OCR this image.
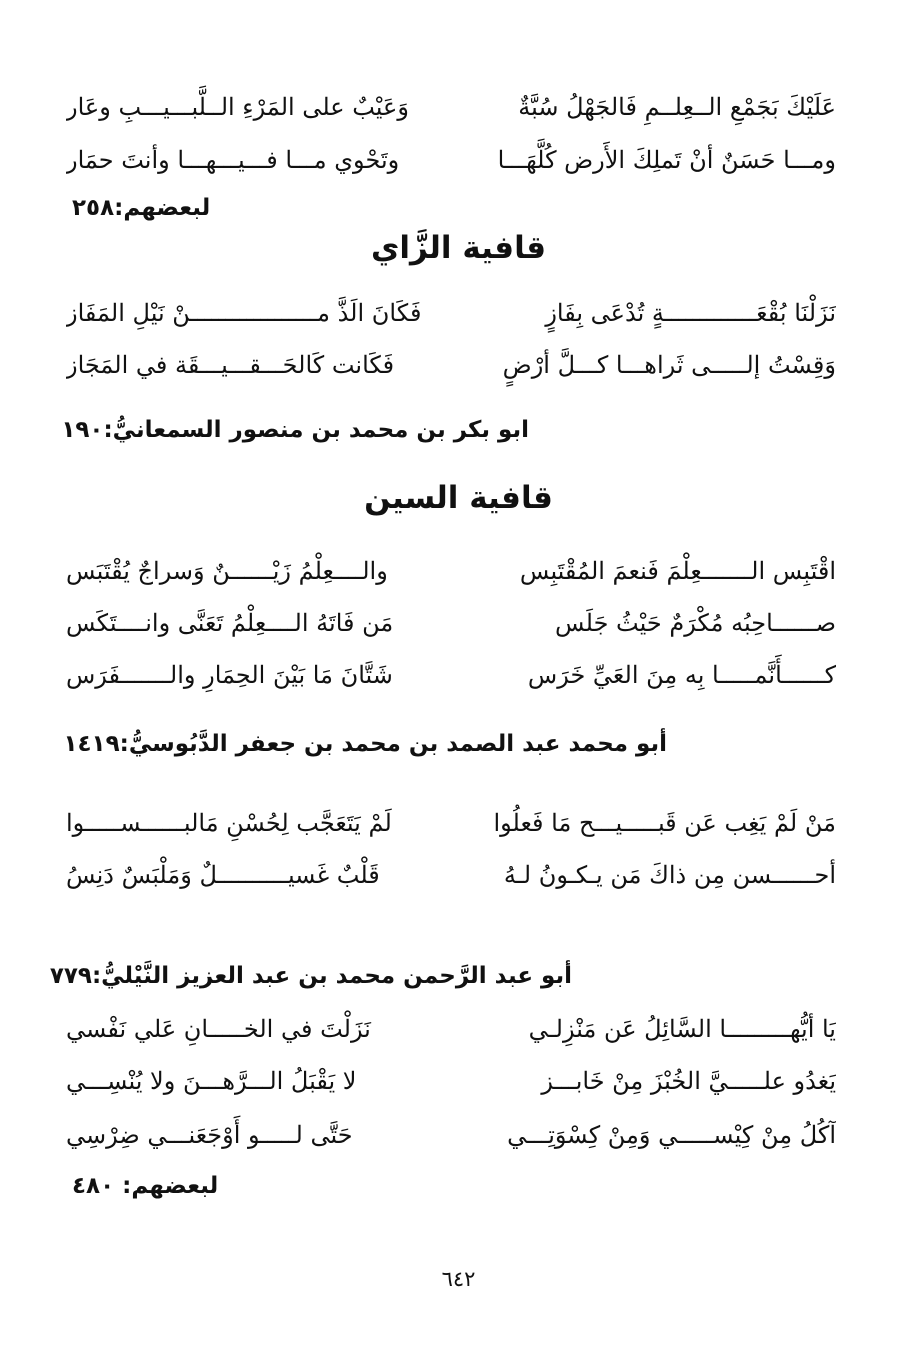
عَلَيْكَ بَجَمْعِ الــعِلــمِ فَالجَهْلُ سُبَّةٌ
وَعَيْبٌ على المَرْءِ الــلَّبـــيـــبِ وعَار
ومـــا حَسَنٌ أنْ تَملِكَ الأَرض كُلَّهَـــا
وتَحْوي مـــا فـــيـــهـــا وأنتَ حمَار
لبعضهم:٢٥٨
قافية الزَّاي
نَزَلْنَا بُقْعَـــــــــــــةٍ تُدْعَى بِفَازٍ
فَكَانَ الَذَّ مــــــــــــــــــنْ نَيْلِ المَفَاز
وَقِسْتُ إلـــــى ثَراهـــا كـــلَّ أرْضٍ
فَكَانت كَالحَـــقـــيـــقَة في المَجَاز
ابو بكر بن محمد بن منصور السمعانيُّ:١٩٠
قافية السين
اقْتَبِس الـــــــعِلْمَ فَنعمَ المُقْتَبِس
والــــعِلْمُ زَيْــــــنٌ وَسراجٌ يُقْتَبَس
صــــــاحِبُه مُكْرَمٌ حَيْثُ جَلَس
مَن فَاتَهُ الــــعِلْمُ تَعَنَّى وانــــتَكَس
كــــــأَنَّمـــــا بِه مِنَ العَيِّ خَرَس
شَتَّانَ مَا بَيْنَ الحِمَارِ والـــــــفَرَس
أبو محمد عبد الصمد بن محمد بن جعفر الدَّبُوسيُّ:١٤١٩
مَنْ لَمْ يَغِب عَن قَبـــــيـــح مَا فَعلُوا
لَمْ يَتَعَجَّب لِحُسْنِ مَالبــــــســـــوا
أحــــــسن مِن ذاكَ مَن يـكـونُ لـهُ
قَلْبٌ غَسيــــــــــلٌ وَمَلْبَسٌ دَنِسُ
أبو عبد الرَّحمن محمد بن عبد العزيز النَّيْليُّ:٧٧٩
يَا أيُّهـــــــــا السَّائِلُ عَن مَنْزِلـي
نَزَلْتَ في الخـــــانِ عَلي نَفْسي
يَغدُو علـــــيَّ الخُبْزَ مِنْ خَابـــز
لا يَقْبَلُ الـــرَّهـــنَ ولا يُنْسِـــي
آكُلُ مِنْ كِيْســـــي وَمِنْ كِسْوَتِـــي
حَتَّى لـــــو أَوْجَعَنـــي ضِرْسِي
لبعضهم: ٤٨٠
٦٤٢
